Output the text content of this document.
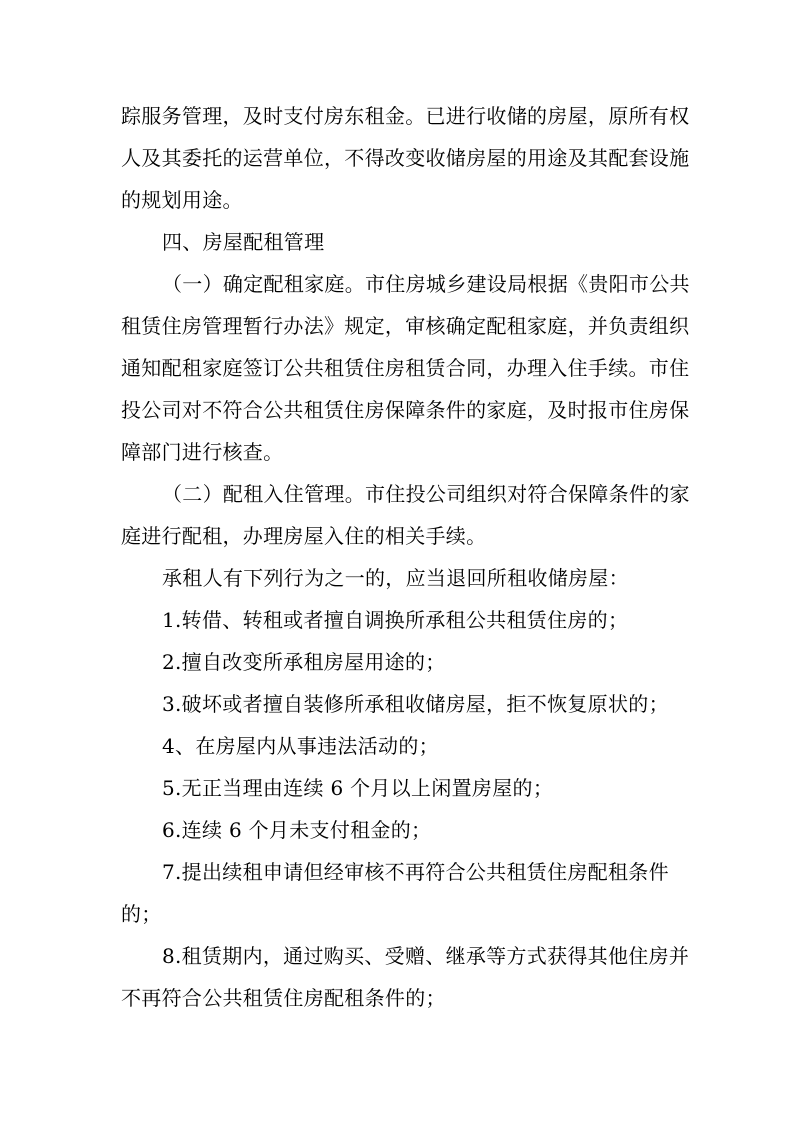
踪服务管理，及时支付房东租金。已进行收储的房屋，原所有权
人及其委托的运营单位，不得改变收储房屋的用途及其配套设施
的规划用途。
四、房屋配租管理
（一）确定配租家庭。市住房城乡建设局根据《贵阳市公共
租赁住房管理暂行办法》规定，审核确定配租家庭，并负责组织
通知配租家庭签订公共租赁住房租赁合同，办理入住手续。市住
投公司对不符合公共租赁住房保障条件的家庭，及时报市住房保
障部门进行核查。
（二）配租入住管理。市住投公司组织对符合保障条件的家
庭进行配租，办理房屋入住的相关手续。
承租人有下列行为之一的，应当退回所租收储房屋：
1.转借、转租或者擅自调换所承租公共租赁住房的；
2.擅自改变所承租房屋用途的；
3.破坏或者擅自装修所承租收储房屋，拒不恢复原状的；
4、在房屋内从事违法活动的；
5.无正当理由连续 6 个月以上闲置房屋的；
6.连续 6 个月未支付租金的；
7.提出续租申请但经审核不再符合公共租赁住房配租条件
的；
8.租赁期内，通过购买、受赠、继承等方式获得其他住房并
不再符合公共租赁住房配租条件的；
